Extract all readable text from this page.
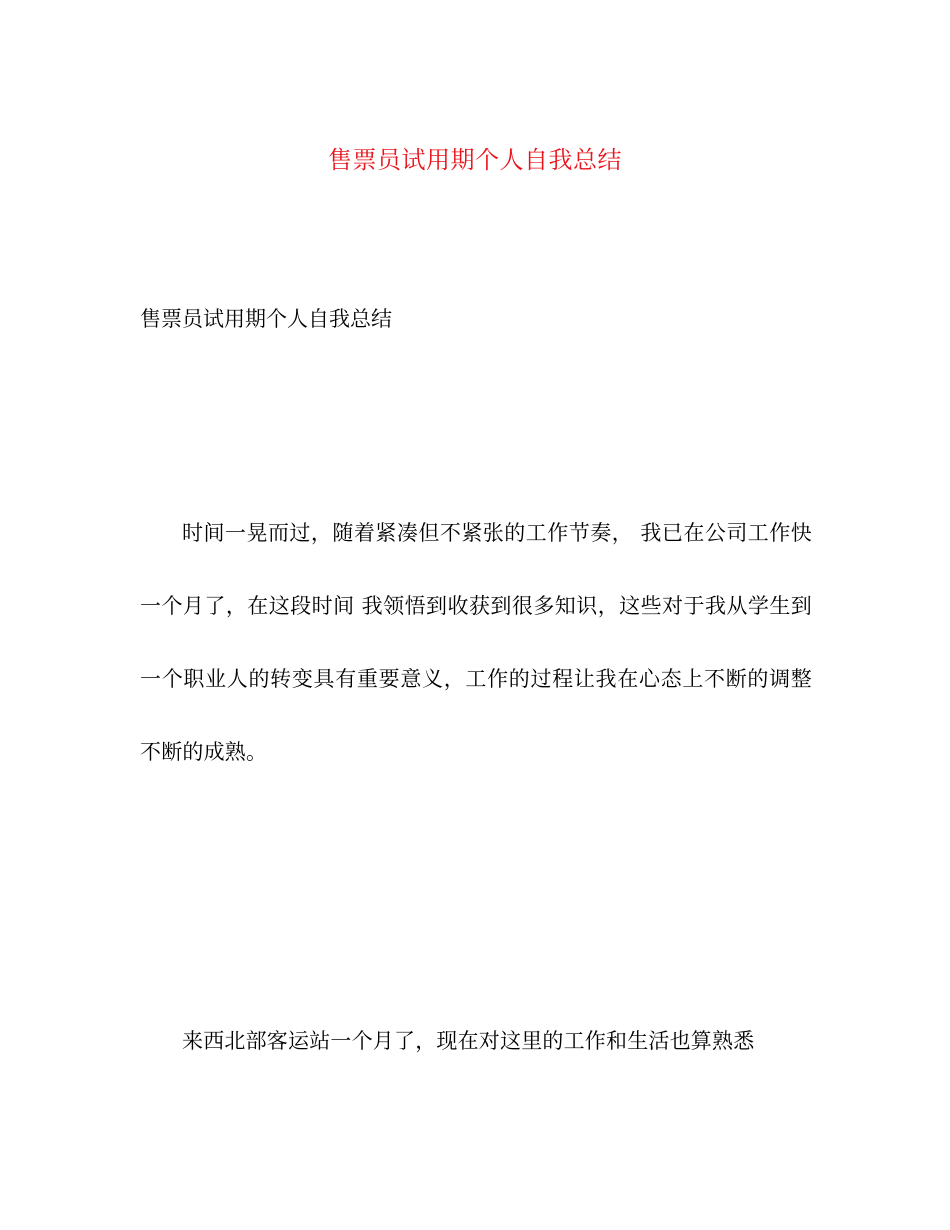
售票员试用期个人自我总结
售票员试用期个人自我总结
时间一晃而过，随着紧凑但不紧张的工作节奏， 我已在公司工作快一个月了，在这段时间 我领悟到收获到很多知识，这些对于我从学生到一个职业人的转变具有重要意义，工作的过程让我在心态上不断的调整不断的成熟。
来西北部客运站一个月了，现在对这里的工作和生活也算熟悉
